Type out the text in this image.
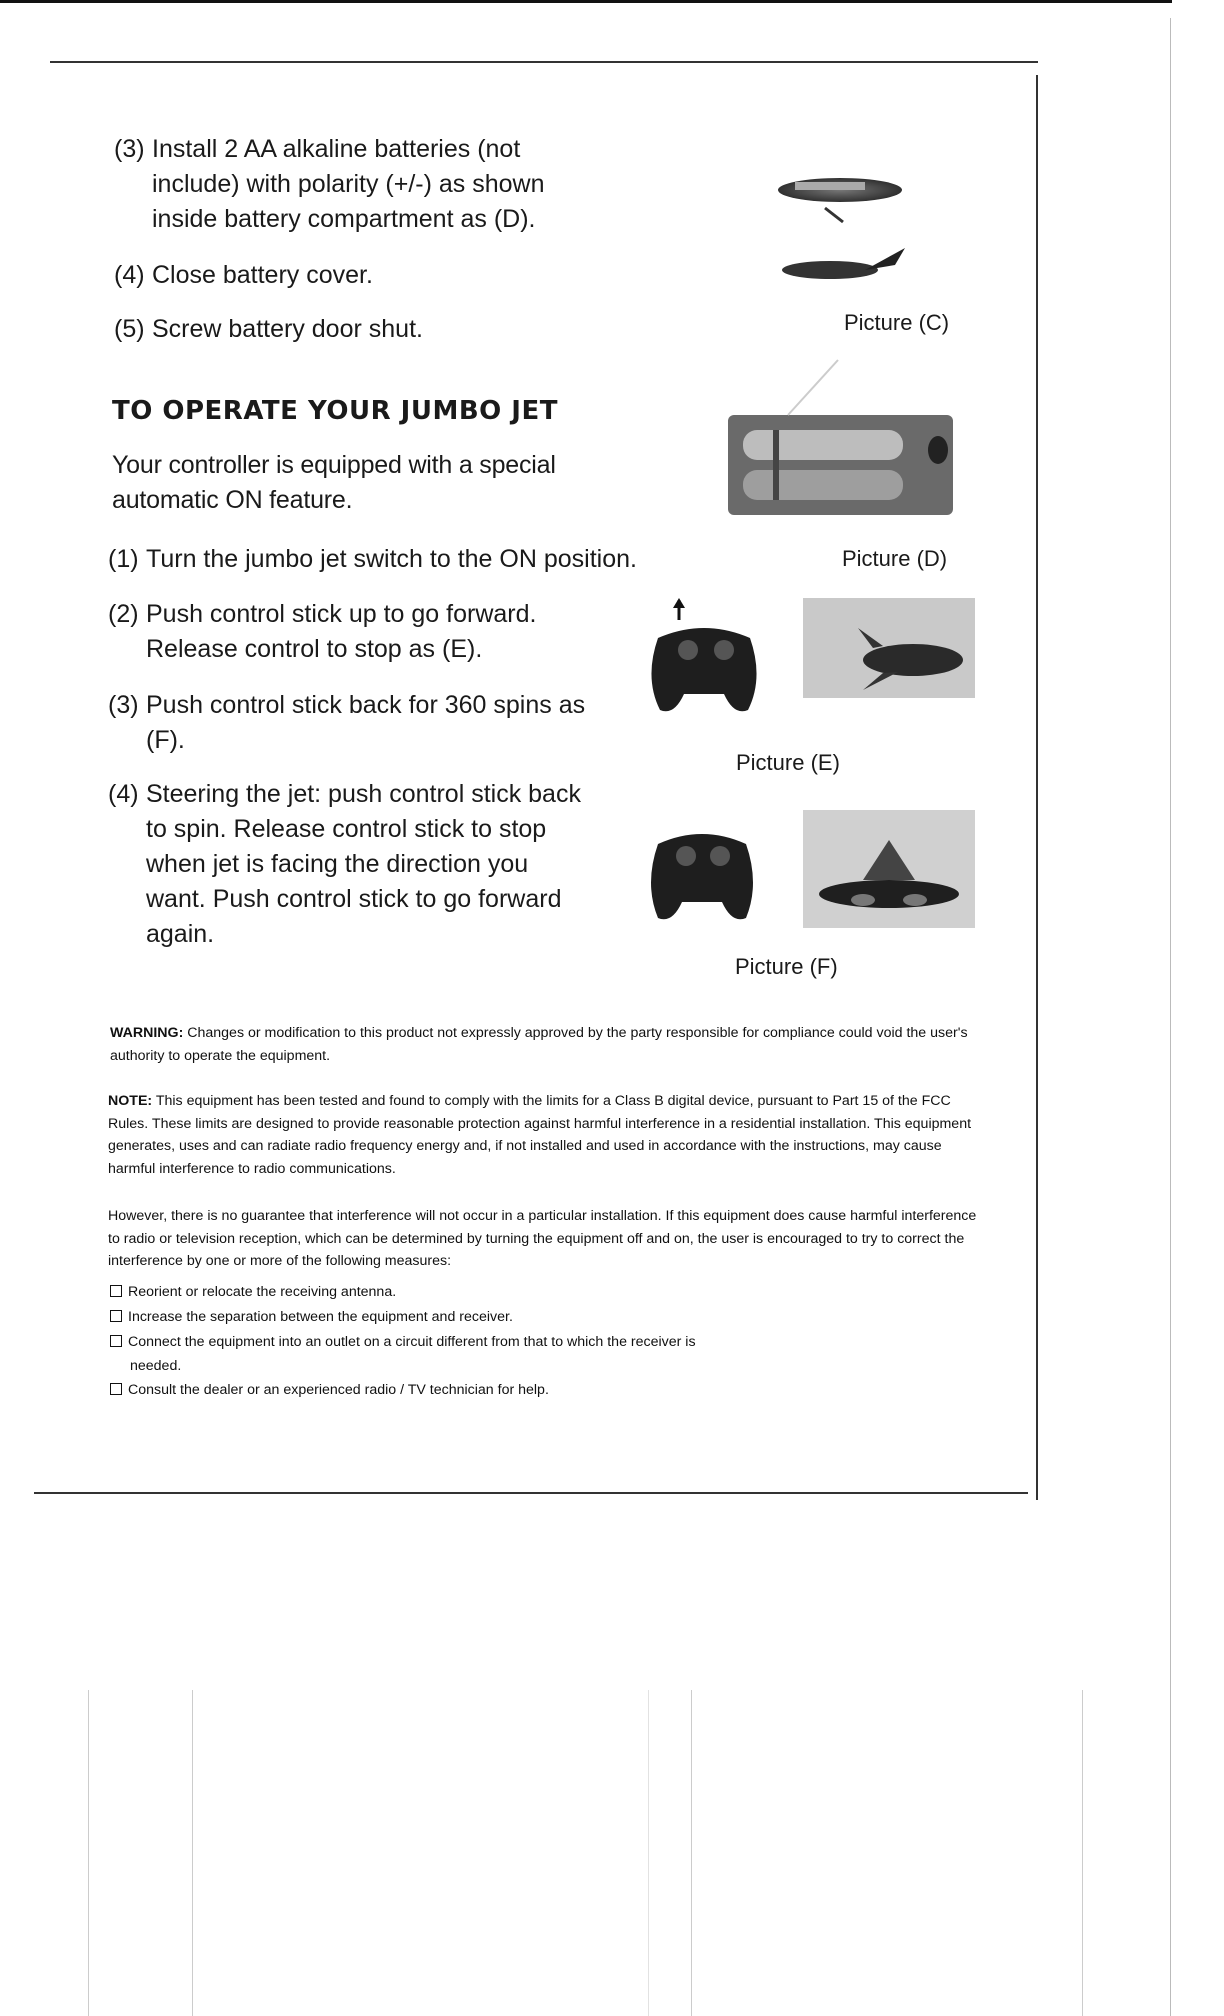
(3) Install 2 AA alkaline batteries (not include) with polarity (+/-) as shown inside battery compartment as (D).
(4) Close battery cover.
(5) Screw battery door shut.
TO OPERATE YOUR JUMBO JET
Your controller is equipped with a special automatic ON feature.
(1) Turn the jumbo jet switch to the ON position.
(2) Push control stick up to go forward. Release control to stop as (E).
(3) Push control stick back for 360 spins as (F).
(4) Steering the jet: push control stick back to spin. Release control stick to stop when jet is facing the direction you want. Push control stick to go forward again.
Picture (C)
Picture (D)
Picture (E)
Picture (F)
WARNING: Changes or modification to this product not expressly approved by the party responsible for compliance could void the user's authority to operate the equipment.
NOTE: This equipment has been tested and found to comply with the limits for a Class B digital device, pursuant to Part 15 of the FCC Rules. These limits are designed to provide reasonable protection against harmful interference in a residential installation. This equipment generates, uses and can radiate radio frequency energy and, if not installed and used in accordance with the instructions, may cause harmful interference to radio communications.
However, there is no guarantee that interference will not occur in a particular installation. If this equipment does cause harmful interference to radio or television reception, which can be determined by turning the equipment off and on, the user is encouraged to try to correct the interference by one or more of the following measures:
Reorient or relocate the receiving antenna.
Increase the separation between the equipment and receiver.
Connect the equipment into an outlet on a circuit different from that to which the receiver is needed.
Consult the dealer or an experienced radio / TV technician for help.
